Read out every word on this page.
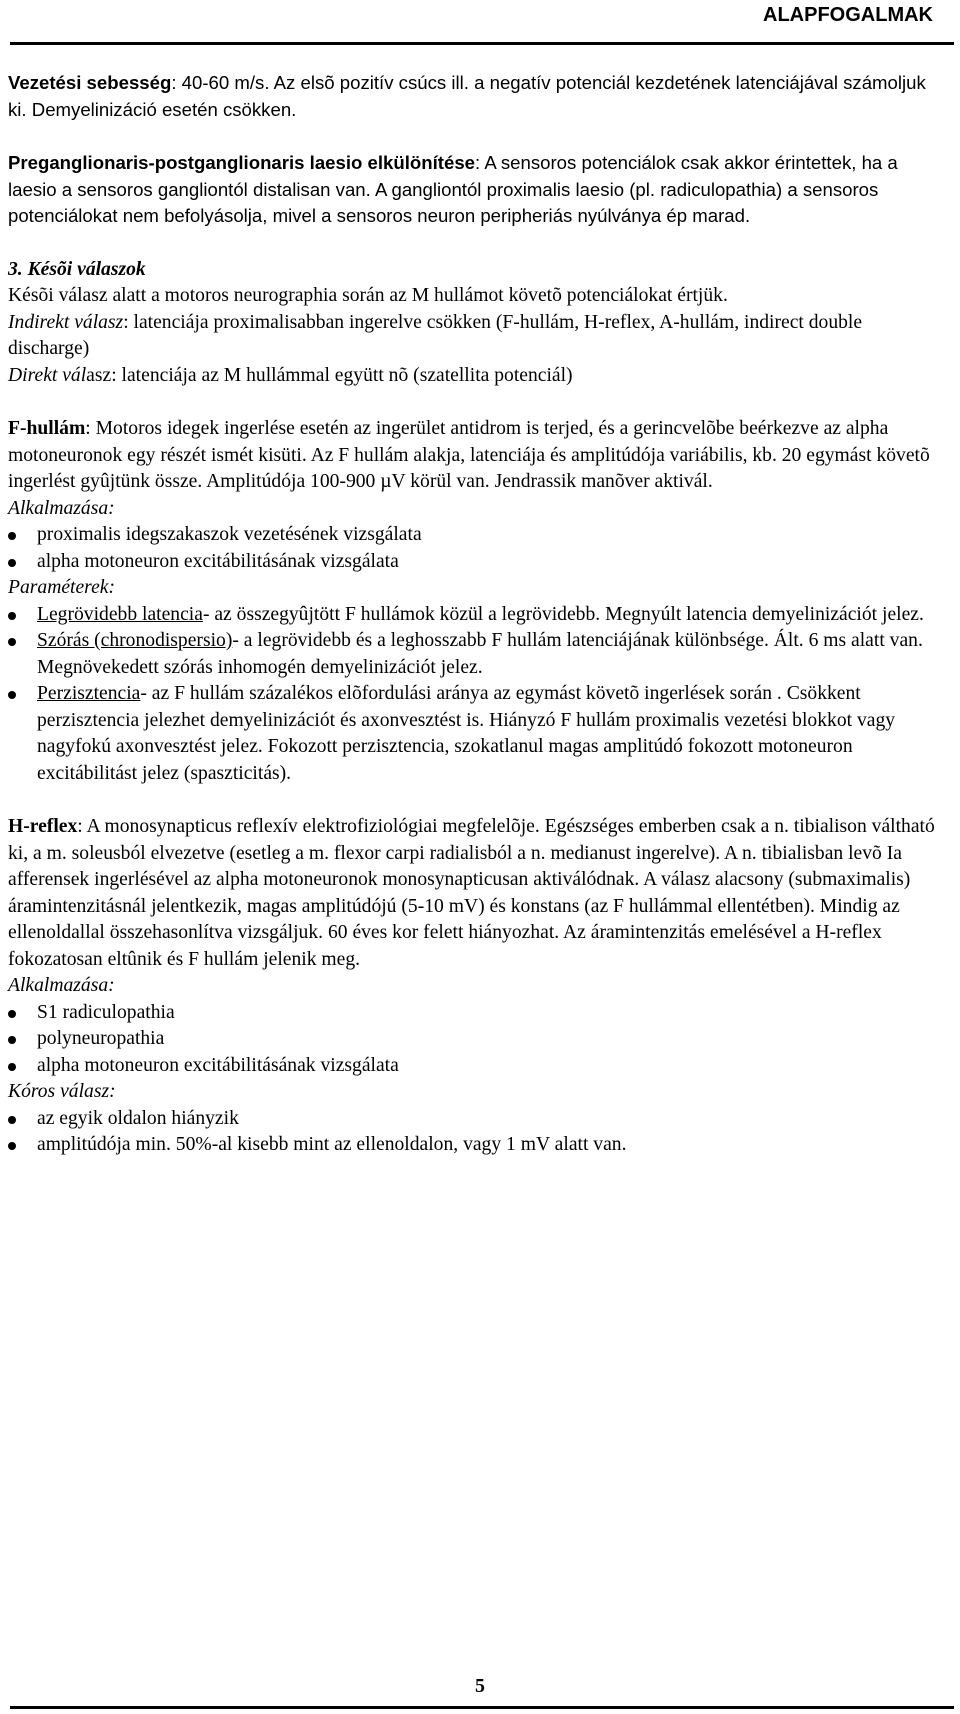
ALAPFOGALMAK

Vezetési sebesség: 40-60 m/s. Az elsõ pozitív csúcs ill. a negatív potenciál kezdetének latenciájával számoljuk ki. Demyelinizáció esetén csökken.

Preganglionaris-postganglionaris laesio elkülönítése: A sensoros potenciálok csak akkor érintettek, ha a laesio a sensoros gangliontól distalisan van. A gangliontól proximalis laesio (pl. radiculopathia) a sensoros potenciálokat nem befolyásolja, mivel a sensoros neuron peripheriás nyúlványa ép marad.

3. Késõi válaszok

Késõi válasz alatt a motoros neurographia során az M hullámot követõ potenciálokat értjük.

Indirekt válasz: latenciája proximalisabban ingerelve csökken (F-hullám, H-reflex, A-hullám, indirect double discharge)

Direkt válasz: latenciája az M hullámmal együtt nõ (szatellita potenciál)

F-hullám: Motoros idegek ingerlése esetén az ingerület antidrom is terjed, és a gerincvelõbe beérkezve az alpha motoneuronok egy részét ismét kisüti. Az F hullám alakja, latenciája és amplitúdója variábilis, kb. 20 egymást követõ ingerlést gyûjtünk össze. Amplitúdója 100-900 µV körül van. Jendrassik manõver aktivál.

Alkalmazása:

proximalis idegszakaszok vezetésének vizsgálata
alpha motoneuron excitábilitásának vizsgálata

Paraméterek:

Legrövidebb latencia- az összegyûjtött F hullámok közül a legrövidebb. Megnyúlt latencia demyelinizációt jelez.
Szórás (chronodispersio)- a legrövidebb és a leghosszabb F hullám latenciájának különbsége. Ált. 6 ms alatt van. Megnövekedett szórás inhomogén demyelinizációt jelez.
Perzisztencia- az F hullám százalékos elõfordulási aránya az egymást követõ ingerlések során . Csökkent perzisztencia jelezhet demyelinizációt és axonvesztést is. Hiányzó F hullám proximalis vezetési blokkot vagy nagyfokú axonvesztést jelez. Fokozott perzisztencia, szokatlanul magas amplitúdó fokozott motoneuron excitábilitást jelez (spaszticitás).

H-reflex: A monosynapticus reflexív elektrofiziológiai megfelelõje. Egészséges emberben csak a n. tibialison váltható ki, a m. soleusból elvezetve (esetleg a m. flexor carpi radialisból a n. medianust ingerelve). A n. tibialisban levõ Ia afferensek ingerlésével az alpha motoneuronok monosynapticusan aktiválódnak. A válasz alacsony (submaximalis) áramintenzitásnál jelentkezik, magas amplitúdójú (5-10 mV) és konstans (az F hullámmal ellentétben). Mindig az ellenoldallal összehasonlítva vizsgáljuk. 60 éves kor felett hiányozhat. Az áramintenzitás emelésével a H-reflex fokozatosan eltûnik és F hullám jelenik meg.

Alkalmazása:

S1 radiculopathia
polyneuropathia
alpha motoneuron excitábilitásának vizsgálata

Kóros válasz:

az egyik oldalon hiányzik
amplitúdója min. 50%-al kisebb mint az ellenoldalon, vagy 1 mV alatt van.
5
